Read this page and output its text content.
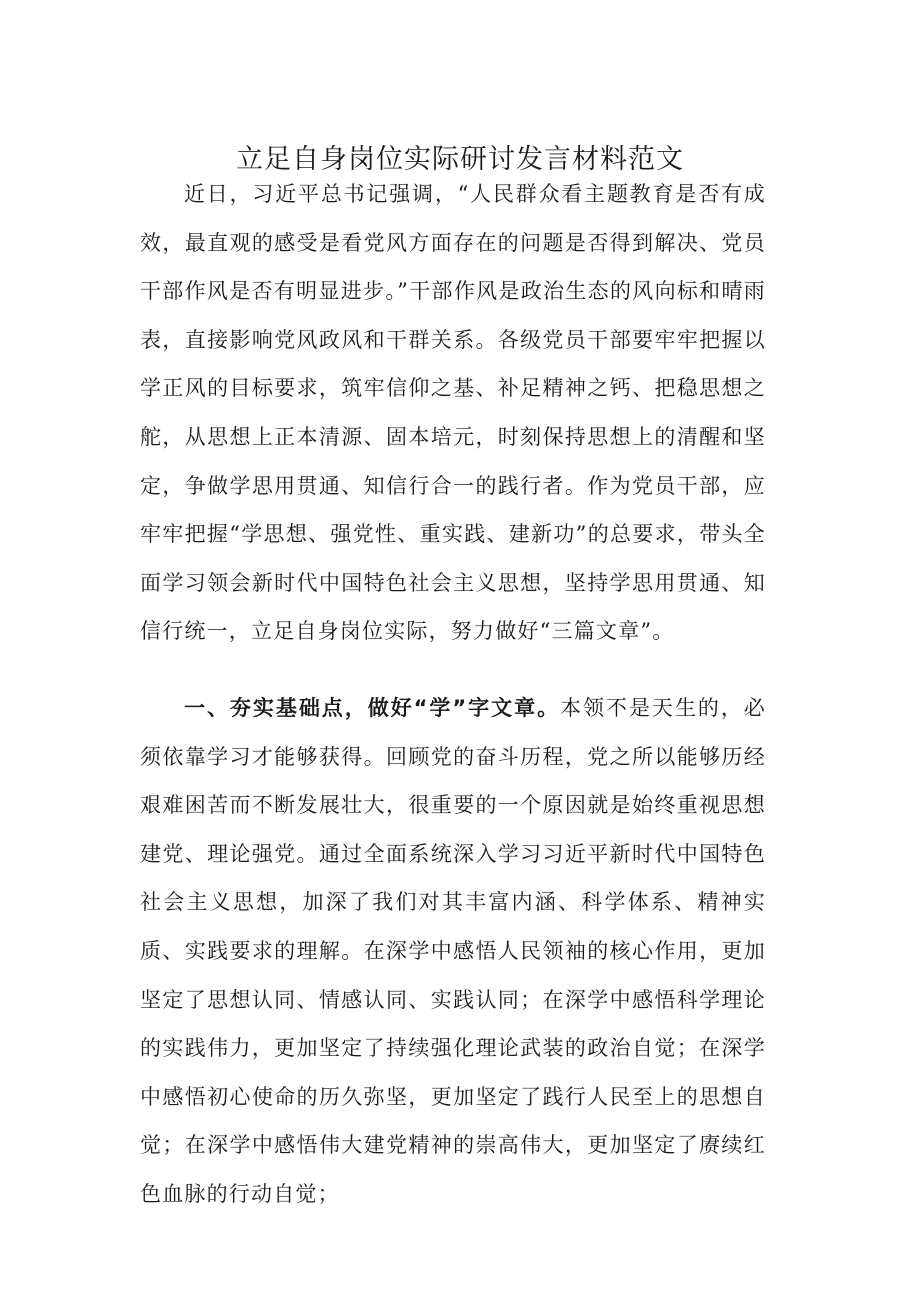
立足自身岗位实际研讨发言材料范文

近日，习近平总书记强调，“人民群众看主题教育是否有成效，最直观的感受是看党风方面存在的问题是否得到解决、党员干部作风是否有明显进步。”干部作风是政治生态的风向标和晴雨表，直接影响党风政风和干群关系。各级党员干部要牢牢把握以学正风的目标要求，筑牢信仰之基、补足精神之钙、把稳思想之舵，从思想上正本清源、固本培元，时刻保持思想上的清醒和坚定，争做学思用贯通、知信行合一的践行者。作为党员干部，应牢牢把握“学思想、强党性、重实践、建新功”的总要求，带头全面学习领会新时代中国特色社会主义思想，坚持学思用贯通、知信行统一，立足自身岗位实际，努力做好“三篇文章”。

一、夯实基础点，做好“学”字文章。本领不是天生的，必须依靠学习才能够获得。回顾党的奋斗历程，党之所以能够历经艰难困苦而不断发展壮大，很重要的一个原因就是始终重视思想建党、理论强党。通过全面系统深入学习习近平新时代中国特色社会主义思想，加深了我们对其丰富内涵、科学体系、精神实质、实践要求的理解。在深学中感悟人民领袖的核心作用，更加坚定了思想认同、情感认同、实践认同；在深学中感悟科学理论的实践伟力，更加坚定了持续强化理论武装的政治自觉；在深学中感悟初心使命的历久弥坚，更加坚定了践行人民至上的思想自觉；在深学中感悟伟大建党精神的崇高伟大，更加坚定了赓续红色血脉的行动自觉；
